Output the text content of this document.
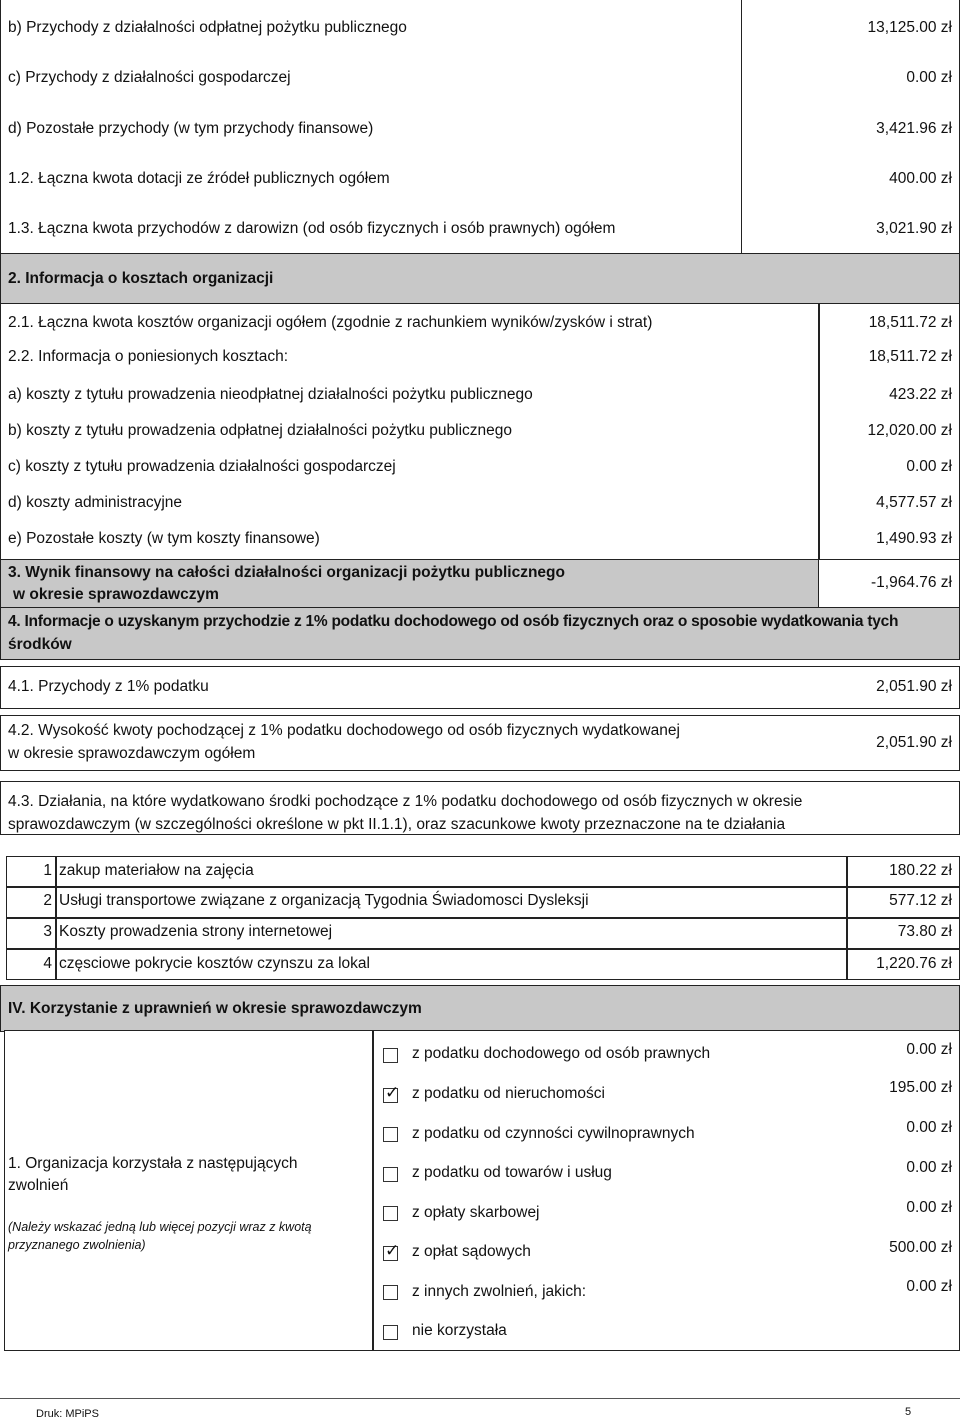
b) Przychody z działalności odpłatnej pożytku publicznego	13,125.00 zł
c) Przychody z działalności gospodarczej	0.00 zł
d) Pozostałe przychody (w tym przychody finansowe)	3,421.96 zł
1.2. Łączna kwota dotacji ze źródeł publicznych ogółem	400.00 zł
1.3. Łączna kwota przychodów z darowizn (od osób fizycznych i osób prawnych) ogółem	3,021.90 zł
2. Informacja o kosztach organizacji
2.1. Łączna kwota kosztów organizacji ogółem (zgodnie z rachunkiem wyników/zysków i strat)	18,511.72 zł
2.2. Informacja o poniesionych kosztach:	18,511.72 zł
a) koszty z tytułu prowadzenia nieodpłatnej działalności pożytku publicznego	423.22 zł
b) koszty z tytułu prowadzenia odpłatnej działalności pożytku publicznego	12,020.00 zł
c) koszty z tytułu prowadzenia działalności gospodarczej	0.00 zł
d) koszty administracyjne	4,577.57 zł
e) Pozostałe koszty (w tym koszty finansowe)	1,490.93 zł
3. Wynik finansowy na całości działalności organizacji pożytku publicznego
w okresie sprawozdawczym
-1,964.76 zł
4. Informacje o uzyskanym przychodzie z 1% podatku dochodowego od osób fizycznych oraz o sposobie wydatkowania tych
środków
4.1. Przychody z 1% podatku	2,051.90 zł
4.2. Wysokość kwoty pochodzącej z 1% podatku dochodowego od osób fizycznych wydatkowanej
w okresie sprawozdawczym ogółem
2,051.90 zł
4.3. Działania, na które wydatkowano środki pochodzące z 1% podatku dochodowego od osób fizycznych w okresie
sprawozdawczym (w szczególności określone w pkt II.1.1), oraz szacunkowe kwoty przeznaczone na te działania
1 zakup materiałow na zajęcia	180.22 zł
2 Usługi transportowe związane z organizacją Tygodnia Świadomosci Dysleksji	577.12 zł
3 Koszty prowadzenia strony internetowej	73.80 zł
4 częsciowe pokrycie kosztów czynszu za lokal	1,220.76 zł
IV. Korzystanie z uprawnień w okresie sprawozdawczym
1. Organizacja korzystała z następujących
zwolnień
(Należy wskazać jedną lub więcej pozycji wraz z kwotą
przyznanego zwolnienia)
z podatku dochodowego od osób prawnych	0.00 zł
✓ z podatku od nieruchomości	195.00 zł
z podatku od czynności cywilnoprawnych	0.00 zł
z podatku od towarów i usług	0.00 zł
z opłaty skarbowej	0.00 zł
✓ z opłat sądowych	500.00 zł
z innych zwolnień, jakich:	0.00 zł
nie korzystała
Druk: MPiPS	5
